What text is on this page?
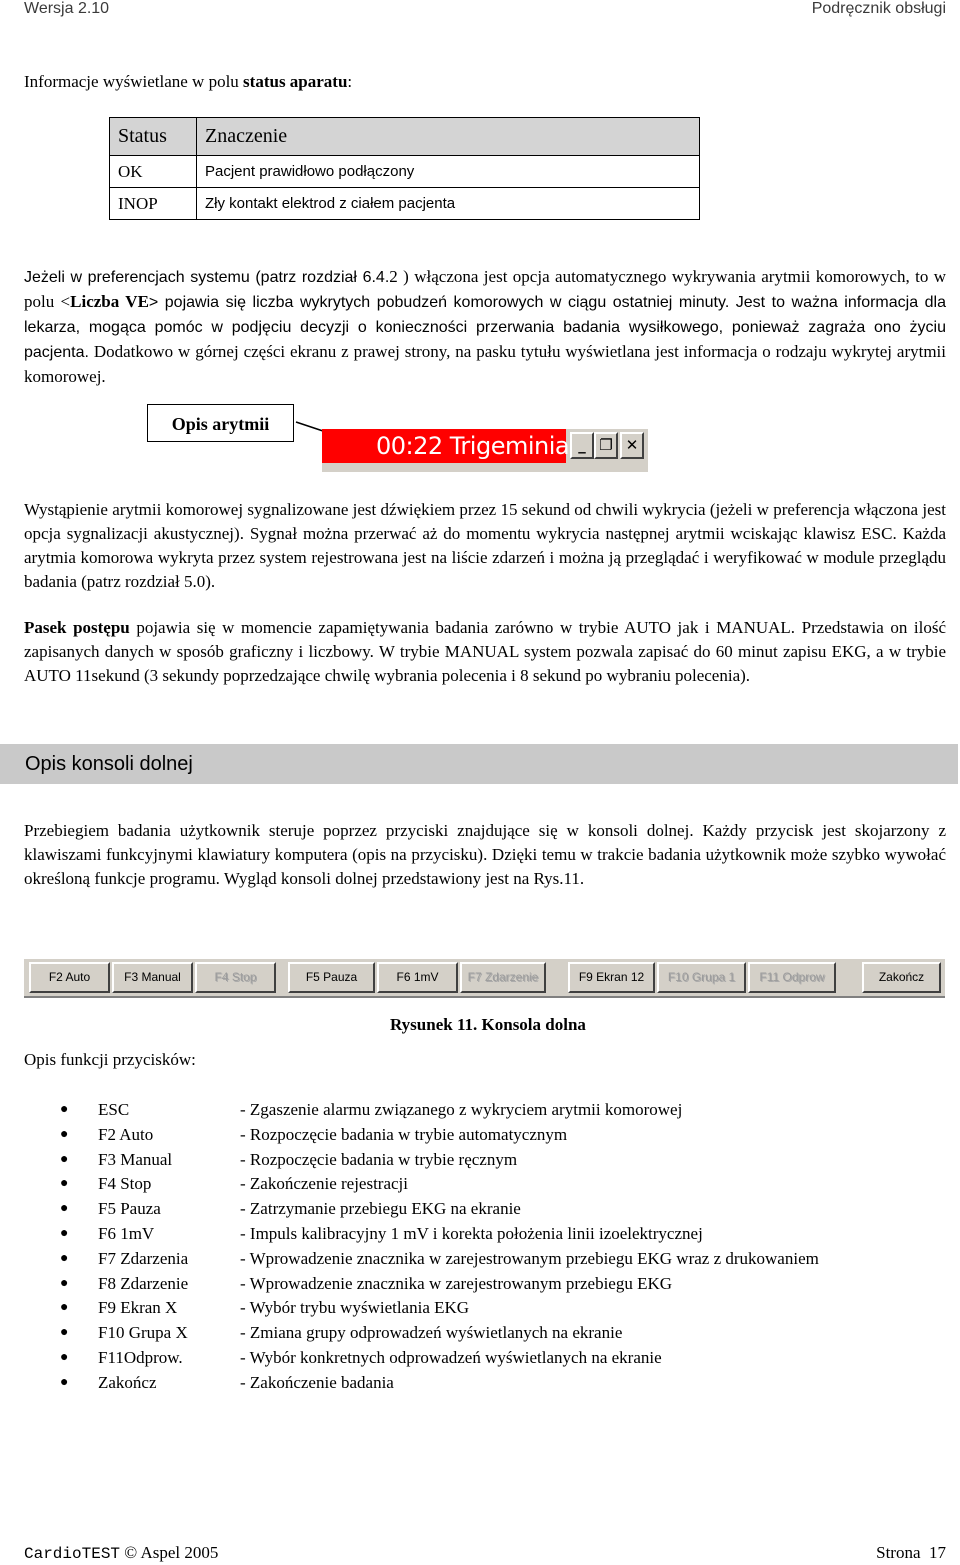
Wersja 2.10	Podręcznik obsługi
Informacje wyświetlane w polu status aparatu:
Status	Znaczenie
OK	Pacjent prawidłowo podłączony
INOP	Zły kontakt elektrod z ciałem pacjenta

Jeżeli w preferencjach systemu (patrz rozdział 6.4.2 ) włączona jest opcja automatycznego wykrywania arytmii komorowych, to w polu <Liczba VE> pojawia się liczba wykrytych pobudzeń komorowych w ciągu ostatniej minuty. Jest to ważna informacja dla lekarza, mogąca pomóc w podjęciu decyzji o konieczności przerwania badania wysiłkowego, ponieważ zagraża ono życiu pacjenta. Dodatkowo w górnej części ekranu z prawej strony, na pasku tytułu wyświetlana jest informacja o rodzaju wykrytej arytmii komorowej.

Opis arytmii
00:22 Trigeminia _ ❐ ✕

Wystąpienie arytmii komorowej sygnalizowane jest dźwiękiem przez 15 sekund od chwili wykrycia (jeżeli w preferencja włączona jest opcja sygnalizacji akustycznej). Sygnał można przerwać aż do momentu wykrycia następnej arytmii wciskając klawisz ESC. Każda arytmia komorowa wykryta przez system rejestrowana jest na liście zdarzeń i można ją przeglądać i weryfikować w module przeglądu badania (patrz rozdział 5.0).

Pasek postępu pojawia się w momencie zapamiętywania badania zarówno w trybie AUTO jak i MANUAL. Przedstawia on ilość zapisanych danych w sposób graficzny i liczbowy. W trybie MANUAL system pozwala zapisać do 60 minut zapisu EKG, a w trybie AUTO 11sekund (3 sekundy poprzedzające chwilę wybrania polecenia i 8 sekund po wybraniu polecenia).

Opis konsoli dolnej

Przebiegiem badania użytkownik steruje poprzez przyciski znajdujące się w konsoli dolnej. Każdy przycisk jest skojarzony z klawiszami funkcyjnymi klawiatury komputera (opis na przycisku). Dzięki temu w trakcie badania użytkownik może szybko wywołać określoną funkcje programu. Wygląd konsoli dolnej przedstawiony jest na Rys.11.

F2 Auto	F3 Manual	F4 Stop	F5 Pauza	F6 1mV	F7 Zdarzenie	F9 Ekran 12	F10 Grupa 1	F11 Odprow	Zakończ
Rysunek 11. Konsola dolna
Opis funkcji przycisków:
● ESC	- Zgaszenie alarmu związanego z wykryciem arytmii komorowej
● F2 Auto	- Rozpoczęcie badania w trybie automatycznym
● F3 Manual	- Rozpoczęcie badania w trybie ręcznym
● F4 Stop	- Zakończenie rejestracji
● F5 Pauza	- Zatrzymanie przebiegu EKG na ekranie
● F6 1mV	- Impuls kalibracyjny 1 mV i korekta położenia linii izoelektrycznej
● F7 Zdarzenia	- Wprowadzenie znacznika w zarejestrowanym przebiegu EKG wraz z drukowaniem
● F8 Zdarzenie	- Wprowadzenie znacznika w zarejestrowanym przebiegu EKG
● F9 Ekran X	- Wybór trybu wyświetlania EKG
● F10 Grupa X	- Zmiana grupy odprowadzeń wyświetlanych na ekranie
● F11Odprow.	- Wybór konkretnych odprowadzeń wyświetlanych na ekranie
● Zakończ	- Zakończenie badania
CardioTEST © Aspel 2005	Strona 17
